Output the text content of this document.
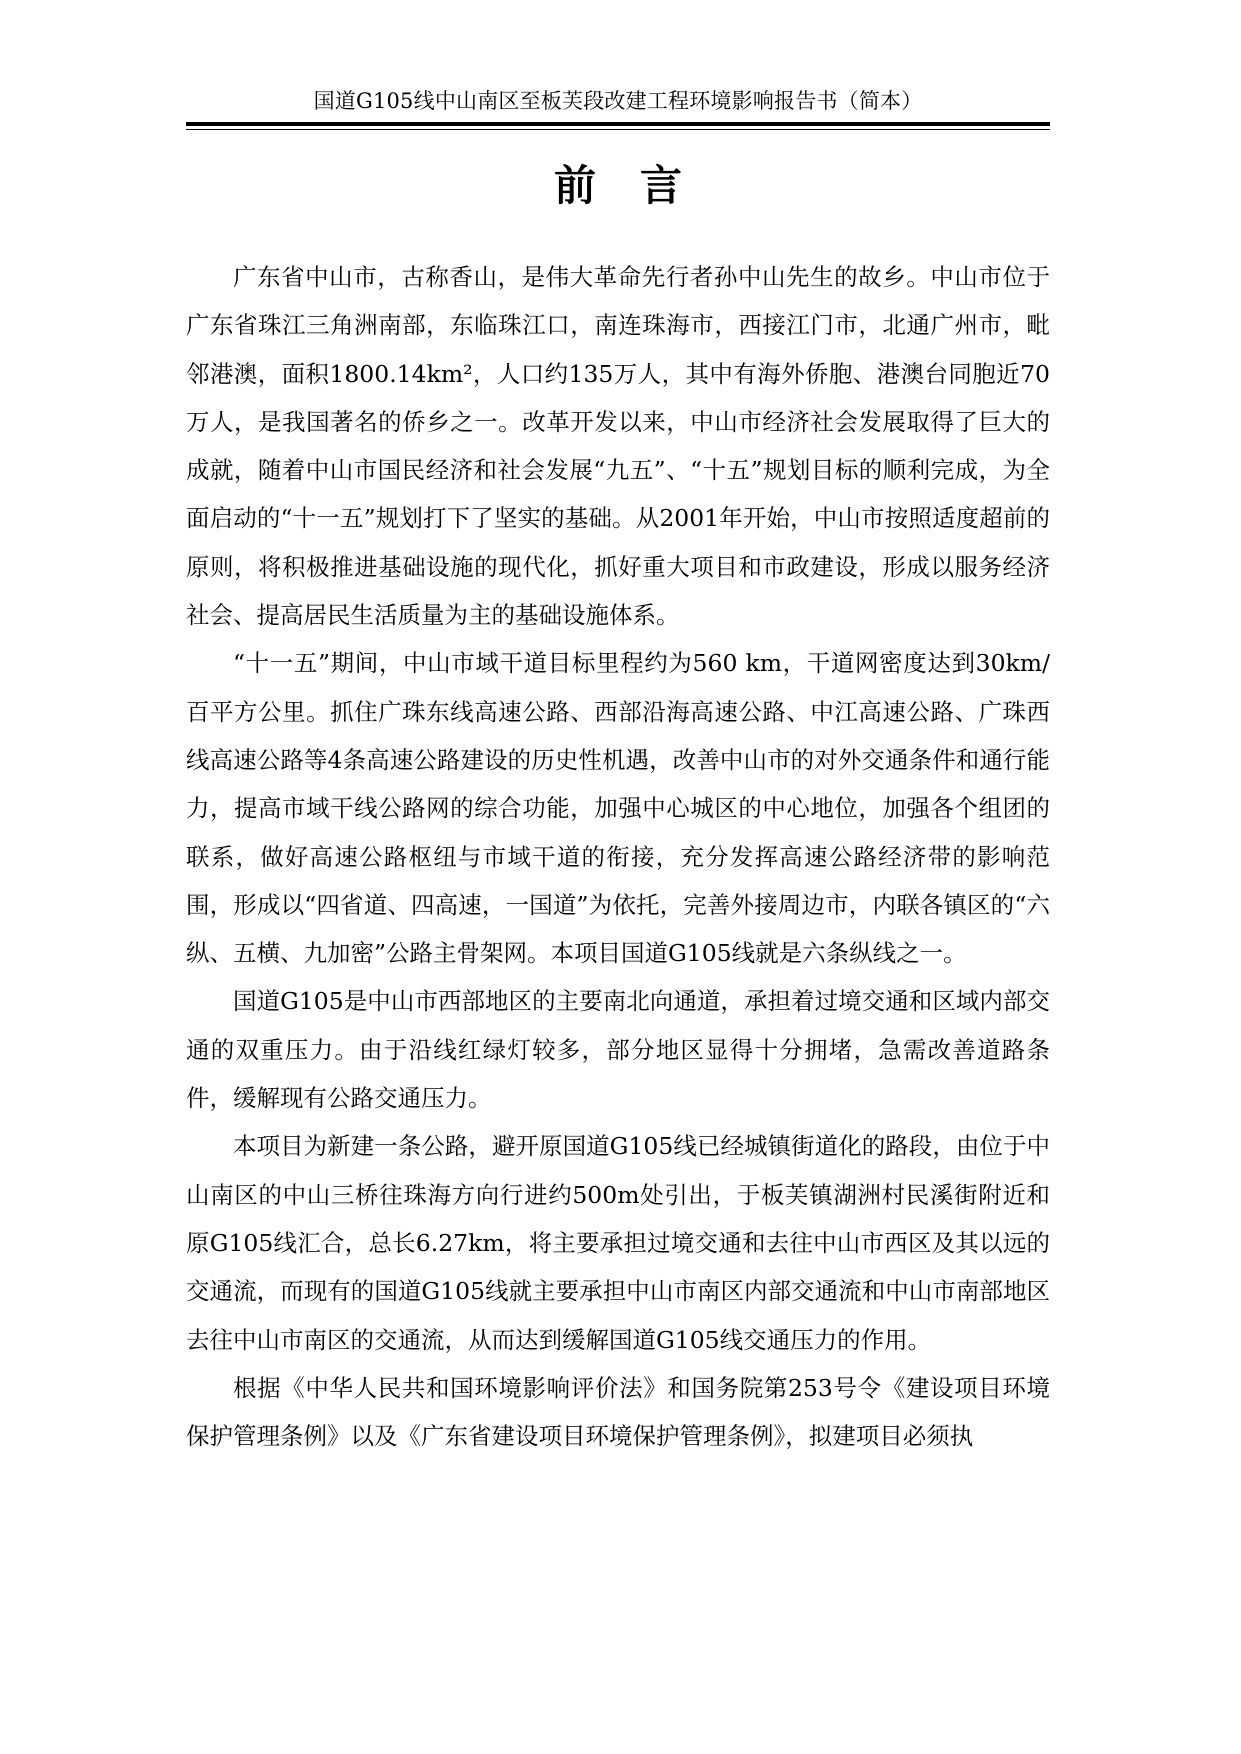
国道G105线中山南区至板芙段改建工程环境影响报告书（简本）
前言

广东省中山市，古称香山，是伟大革命先行者孙中山先生的故乡。中山市位于广东省珠江三角洲南部，东临珠江口，南连珠海市，西接江门市，北通广州市，毗邻港澳，面积1800.14km²，人口约135万人，其中有海外侨胞、港澳台同胞近70万人，是我国著名的侨乡之一。改革开发以来，中山市经济社会发展取得了巨大的成就，随着中山市国民经济和社会发展“九五”、“十五”规划目标的顺利完成，为全面启动的“十一五”规划打下了坚实的基础。从2001年开始，中山市按照适度超前的原则，将积极推进基础设施的现代化，抓好重大项目和市政建设，形成以服务经济社会、提高居民生活质量为主的基础设施体系。

“十一五”期间，中山市域干道目标里程约为560 km，干道网密度达到30km/百平方公里。抓住广珠东线高速公路、西部沿海高速公路、中江高速公路、广珠西线高速公路等4条高速公路建设的历史性机遇，改善中山市的对外交通条件和通行能力，提高市域干线公路网的综合功能，加强中心城区的中心地位，加强各个组团的联系，做好高速公路枢纽与市域干道的衔接，充分发挥高速公路经济带的影响范围，形成以“四省道、四高速，一国道”为依托，完善外接周边市，内联各镇区的“六纵、五横、九加密”公路主骨架网。本项目国道G105线就是六条纵线之一。

国道G105是中山市西部地区的主要南北向通道，承担着过境交通和区域内部交通的双重压力。由于沿线红绿灯较多，部分地区显得十分拥堵，急需改善道路条件，缓解现有公路交通压力。

本项目为新建一条公路，避开原国道G105线已经城镇街道化的路段，由位于中山南区的中山三桥往珠海方向行进约500m处引出，于板芙镇湖洲村民溪街附近和原G105线汇合，总长6.27km，将主要承担过境交通和去往中山市西区及其以远的交通流，而现有的国道G105线就主要承担中山市南区内部交通流和中山市南部地区去往中山市南区的交通流，从而达到缓解国道G105线交通压力的作用。

根据《中华人民共和国环境影响评价法》和国务院第253号令《建设项目环境保护管理条例》以及《广东省建设项目环境保护管理条例》，拟建项目必须执
